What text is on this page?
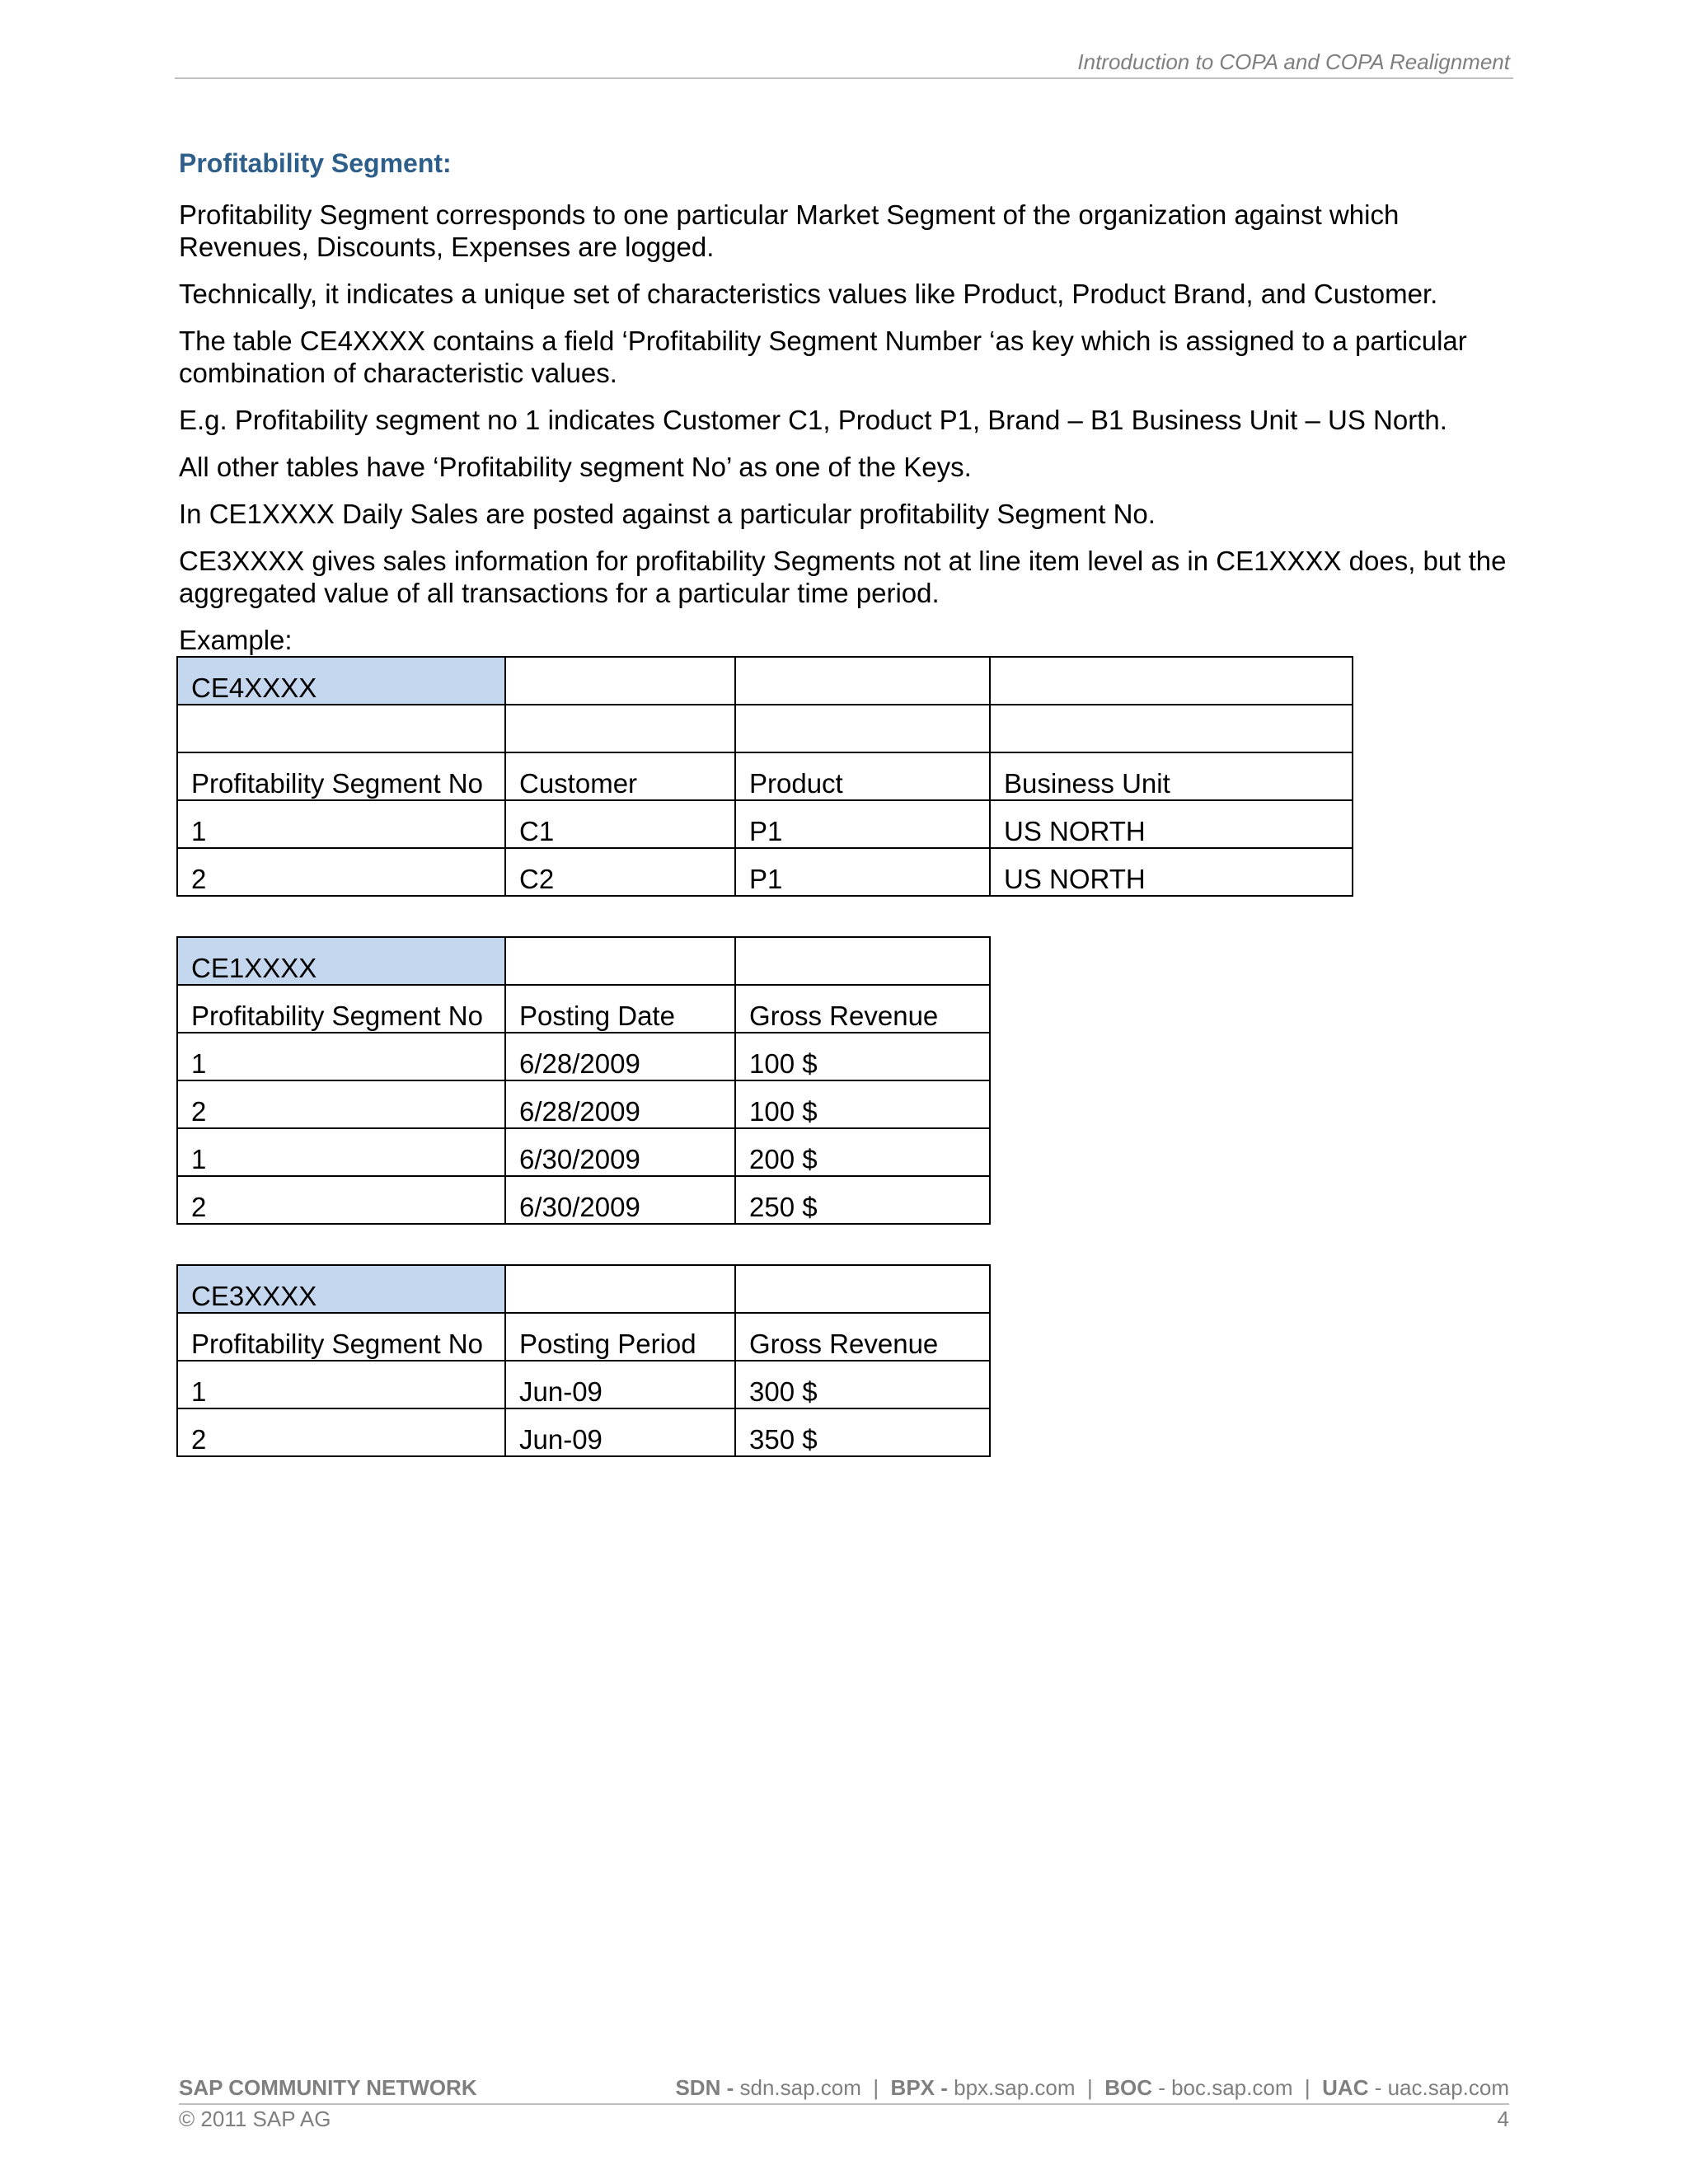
Introduction to COPA and COPA Realignment
Profitability Segment:

Profitability Segment corresponds to one particular Market Segment of the organization against which Revenues, Discounts, Expenses are logged.

Technically, it indicates a unique set of characteristics values like Product, Product Brand, and Customer.

The table CE4XXXX contains a field ‘Profitability Segment Number ‘as key which is assigned to a particular combination of characteristic values.

E.g. Profitability segment no 1 indicates Customer C1, Product P1, Brand – B1 Business Unit – US North.

All other tables have ‘Profitability segment No’ as one of the Keys.

In CE1XXXX Daily Sales are posted against a particular profitability Segment No.

CE3XXXX gives sales information for profitability Segments not at line item level as in CE1XXXX does, but the aggregated value of all transactions for a particular time period.

Example:

CE4XXXX			

Profitability Segment No	Customer	Product	Business Unit
1	C1	P1	US NORTH
2	C2	P1	US NORTH
CE1XXXX		
Profitability Segment No	Posting Date	Gross Revenue
1	6/28/2009	100 $
2	6/28/2009	100 $
1	6/30/2009	200 $
2	6/30/2009	250 $
CE3XXXX		
Profitability Segment No	Posting Period	Gross Revenue
1	Jun-09	300 $
2	Jun-09	350 $
SAP COMMUNITY NETWORK	SDN - sdn.sap.com  |  BPX - bpx.sap.com  |  BOC - boc.sap.com  |  UAC - uac.sap.com
© 2011 SAP AG	4
